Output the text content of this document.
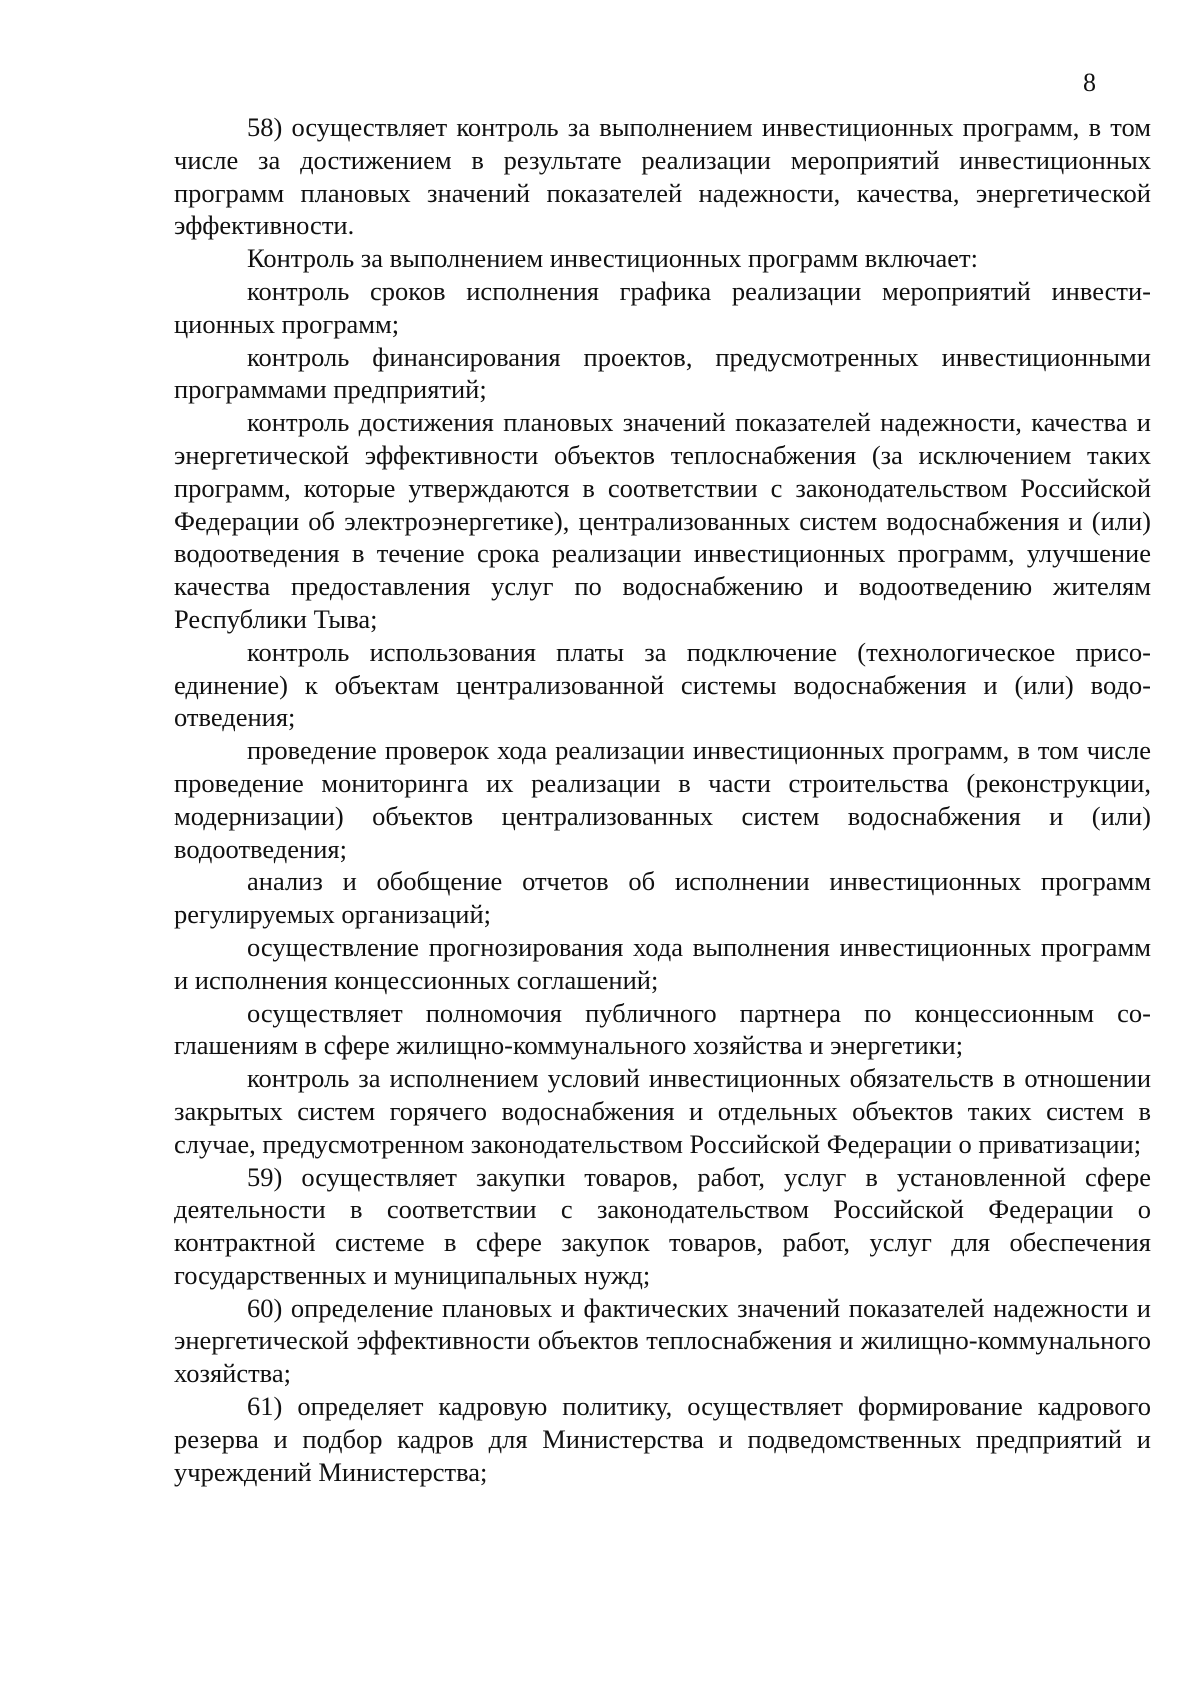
8

58) осуществляет контроль за выполнением инвестиционных программ, в том числе за достижением в результате реализации мероприятий инвестиционных программ плановых значений показателей надежности, качества, энергетической эффективности.

Контроль за выполнением инвестиционных программ включает:

контроль сроков исполнения графика реализации мероприятий инвестиционных программ;

контроль финансирования проектов, предусмотренных инвестиционными программами предприятий;

контроль достижения плановых значений показателей надежности, качества и энергетической эффективности объектов теплоснабжения (за исключением таких программ, которые утверждаются в соответствии с законодательством Российской Федерации об электроэнергетике), централизованных систем водоснабжения и (или) водоотведения в течение срока реализации инвестиционных программ, улучшение качества предоставления услуг по водоснабжению и водоотведению жителям Республики Тыва;

контроль использования платы за подключение (технологическое присоединение) к объектам централизованной системы водоснабжения и (или) водоотведения;

проведение проверок хода реализации инвестиционных программ, в том числе проведение мониторинга их реализации в части строительства (реконструкции, модернизации) объектов централизованных систем водоснабжения и (или) водоотведения;

анализ и обобщение отчетов об исполнении инвестиционных программ регулируемых организаций;

осуществление прогнозирования хода выполнения инвестиционных программ и исполнения концессионных соглашений;

осуществляет полномочия публичного партнера по концессионным соглашениям в сфере жилищно-коммунального хозяйства и энергетики;

контроль за исполнением условий инвестиционных обязательств в отношении закрытых систем горячего водоснабжения и отдельных объектов таких систем в случае, предусмотренном законодательством Российской Федерации о приватизации;

59) осуществляет закупки товаров, работ, услуг в установленной сфере деятельности в соответствии с законодательством Российской Федерации о контрактной системе в сфере закупок товаров, работ, услуг для обеспечения государственных и муниципальных нужд;

60) определение плановых и фактических значений показателей надежности и энергетической эффективности объектов теплоснабжения и жилищно-коммунального хозяйства;

61) определяет кадровую политику, осуществляет формирование кадрового резерва и подбор кадров для Министерства и подведомственных предприятий и учреждений Министерства;
